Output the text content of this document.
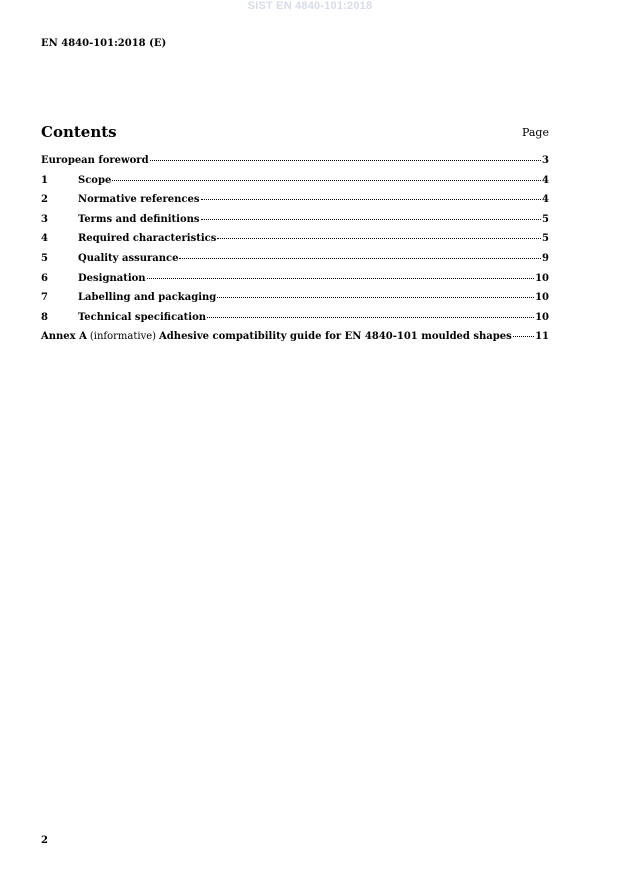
SIST EN 4840-101:2018
EN 4840-101:2018 (E)
Contents	Page
European foreword	3
1	Scope	4
2	Normative references	4
3	Terms and definitions	5
4	Required characteristics	5
5	Quality assurance	9
6	Designation	10
7	Labelling and packaging	10
8	Technical specification	10
Annex A (informative) Adhesive compatibility guide for EN 4840-101 moulded shapes 11
2
